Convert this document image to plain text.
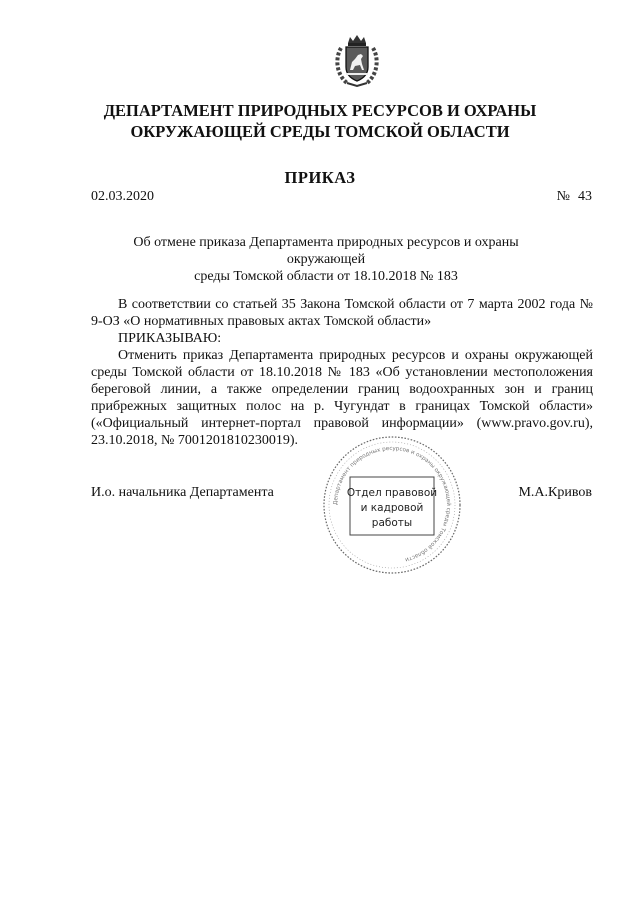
ДЕПАРТАМЕНТ ПРИРОДНЫХ РЕСУРСОВ И ОХРАНЫ
ОКРУЖАЮЩЕЙ СРЕДЫ ТОМСКОЙ ОБЛАСТИ
ПРИКАЗ
02.03.2020	№ 43
Об отмене приказа Департамента природных ресурсов и охраны окружающей
среды Томской области от 18.10.2018 № 183

В соответствии со статьей 35 Закона Томской области от 7 марта 2002 года № 9-ОЗ «О нормативных правовых актах Томской области»

ПРИКАЗЫВАЮ:

Отменить приказ Департамента природных ресурсов и охраны окружающей среды Томской области от 18.10.2018 № 183 «Об установлении местоположения береговой линии, а также определении границ водоохранных зон и границ прибрежных защитных полос на р. Чугундат в границах Томской области» («Официальный интернет-портал правовой информации» (www.pravo.gov.ru), 23.10.2018, № 7001201810230019).

И.о. начальника Департамента	М.А.Кривов
Департамент природных ресурсов и охраны окружающей среды Томской области
Отдел правовой
и кадровой
работы
